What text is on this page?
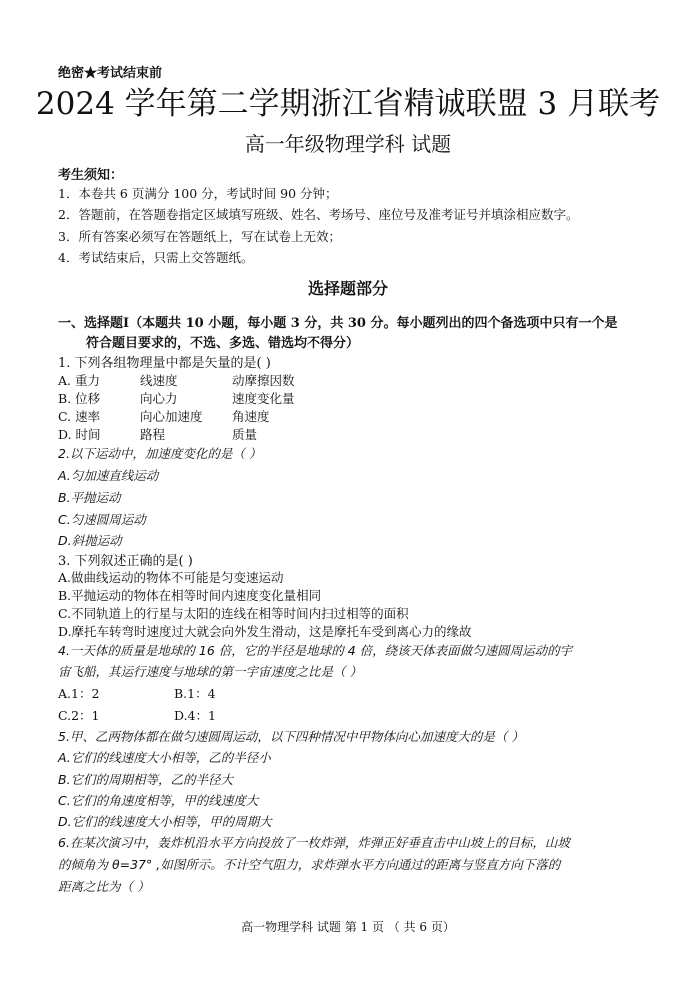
绝密★考试结束前
2024 学年第二学期浙江省精诚联盟 3 月联考
高一年级物理学科 试题
考生须知：
1．本卷共 6 页满分 100 分，考试时间 90 分钟；
2．答题前，在答题卷指定区域填写班级、姓名、考场号、座位号及准考证号并填涂相应数字。
3．所有答案必须写在答题纸上，写在试卷上无效；
4．考试结束后，只需上交答题纸。
选择题部分
一、选择题Ⅰ（本题共 10 小题，每小题 3 分，共 30 分。每小题列出的四个备选项中只有一个是
符合题目要求的，不选、多选、错选均不得分）
1. 下列各组物理量中都是矢量的是( )
A. 重力	线速度	动摩擦因数
B. 位移	向心力	速度变化量
C. 速率	向心加速度 角速度
D. 时间	路程	质量
2.以下运动中，加速度变化的是（ ）
A.匀加速直线运动
B.平抛运动
C.匀速圆周运动
D.斜抛运动
3. 下列叙述正确的是( )
A.做曲线运动的物体不可能是匀变速运动
B.平抛运动的物体在相等时间内速度变化量相同
C.不同轨道上的行星与太阳的连线在相等时间内扫过相等的面积
D.摩托车转弯时速度过大就会向外发生滑动，这是摩托车受到离心力的缘故
4.一天体的质量是地球的 16 倍，它的半径是地球的 4 倍，绕该天体表面做匀速圆周运动的宇
宙飞船，其运行速度与地球的第一宇宙速度之比是（ ）
A.1：2	B.1：4
C.2：1	D.4：1
5.甲、乙两物体都在做匀速圆周运动，以下四种情况中甲物体向心加速度大的是（ ）
A.它们的线速度大小相等，乙的半径小
B.它们的周期相等，乙的半径大
C.它们的角速度相等，甲的线速度大
D.它们的线速度大小相等，甲的周期大
6.在某次演习中，轰炸机沿水平方向投放了一枚炸弹，炸弹正好垂直击中山坡上的目标，山坡
的倾角为 θ=37° ,如图所示。不计空气阻力，求炸弹水平方向通过的距离与竖直方向下落的
距离之比为（ ）
高一物理学科 试题 第 1 页 （ 共 6 页）
